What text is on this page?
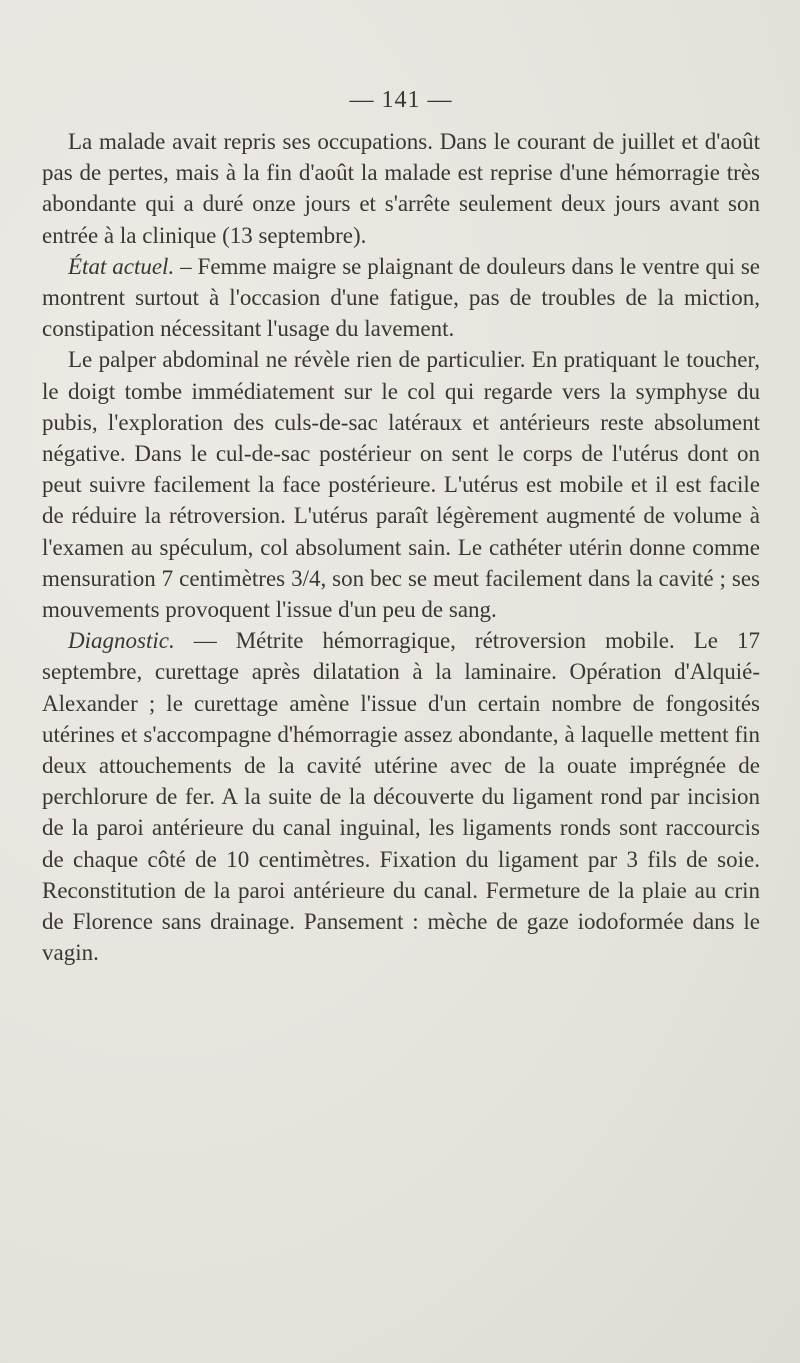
— 141 —

La malade avait repris ses occupations. Dans le courant de juillet et d'août pas de pertes, mais à la fin d'août la malade est reprise d'une hémorragie très abondante qui a duré onze jours et s'arrête seulement deux jours avant son entrée à la clinique (13 septembre).

État actuel. – Femme maigre se plaignant de douleurs dans le ventre qui se montrent surtout à l'occasion d'une fatigue, pas de troubles de la miction, constipation nécessitant l'usage du lavement.

Le palper abdominal ne révèle rien de particulier. En pratiquant le toucher, le doigt tombe immédiatement sur le col qui regarde vers la symphyse du pubis, l'exploration des culs-de-sac latéraux et antérieurs reste absolument négative. Dans le cul-de-sac postérieur on sent le corps de l'utérus dont on peut suivre facilement la face postérieure. L'utérus est mobile et il est facile de réduire la rétroversion. L'utérus paraît légèrement augmenté de volume à l'examen au spéculum, col absolument sain. Le cathéter utérin donne comme mensuration 7 centimètres 3/4, son bec se meut facilement dans la cavité ; ses mouvements provoquent l'issue d'un peu de sang.

Diagnostic. — Métrite hémorragique, rétroversion mobile. Le 17 septembre, curettage après dilatation à la laminaire. Opération d'Alquié-Alexander ; le curettage amène l'issue d'un certain nombre de fongosités utérines et s'accompagne d'hémorragie assez abondante, à laquelle mettent fin deux attouchements de la cavité utérine avec de la ouate imprégnée de perchlorure de fer. A la suite de la découverte du ligament rond par incision de la paroi antérieure du canal inguinal, les ligaments ronds sont raccourcis de chaque côté de 10 centimètres. Fixation du ligament par 3 fils de soie. Reconstitution de la paroi antérieure du canal. Fermeture de la plaie au crin de Florence sans drainage. Pansement : mèche de gaze iodoformée dans le vagin.
